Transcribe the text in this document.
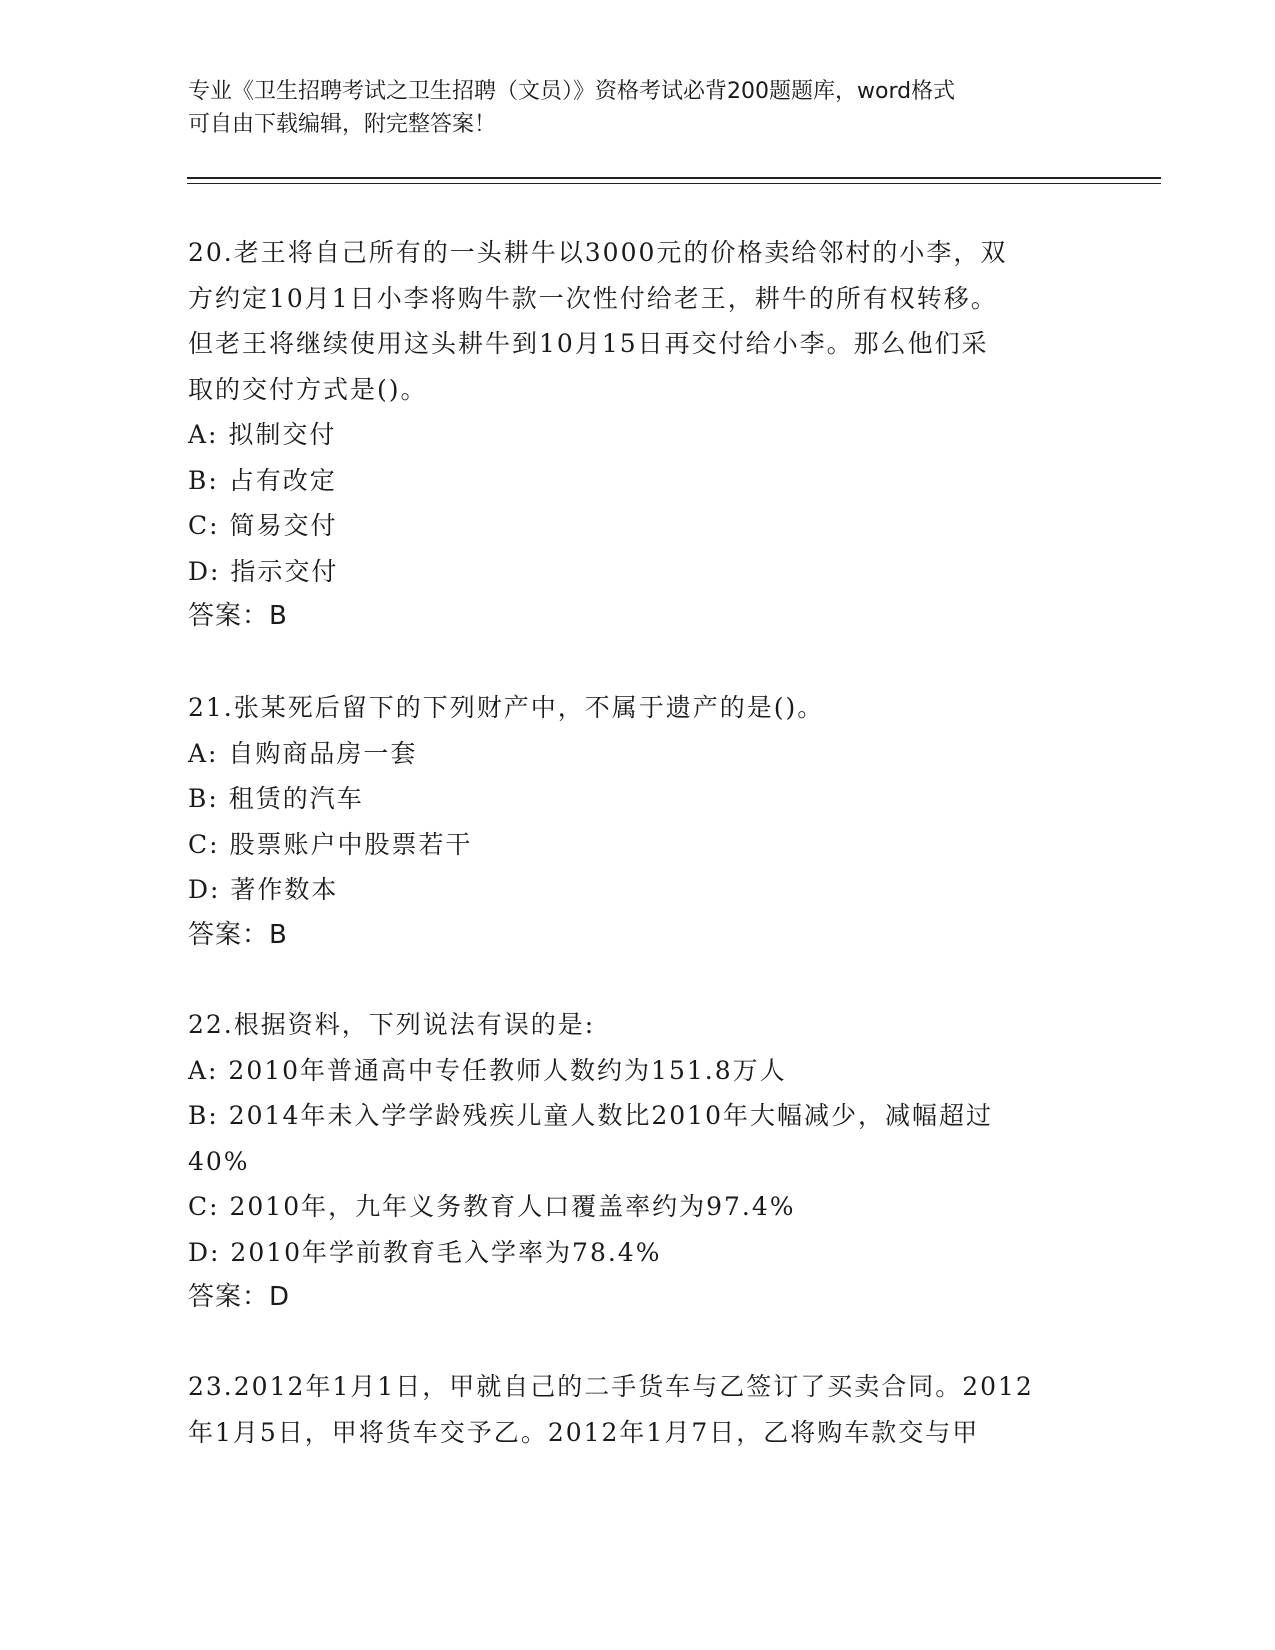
专业《卫生招聘考试之卫生招聘（文员）》资格考试必背200题题库，word格式
可自由下载编辑，附完整答案！
20.老王将自己所有的一头耕牛以3000元的价格卖给邻村的小李，双
方约定10月1日小李将购牛款一次性付给老王，耕牛的所有权转移。
但老王将继续使用这头耕牛到10月15日再交付给小李。那么他们采
取的交付方式是()。
A: 拟制交付
B: 占有改定
C: 简易交付
D: 指示交付
答案：B
21.张某死后留下的下列财产中，不属于遗产的是()。
A: 自购商品房一套
B: 租赁的汽车
C: 股票账户中股票若干
D: 著作数本
答案：B
22.根据资料，下列说法有误的是:
A: 2010年普通高中专任教师人数约为151.8万人
B: 2014年未入学学龄残疾儿童人数比2010年大幅减少，减幅超过
40%
C: 2010年，九年义务教育人口覆盖率约为97.4%
D: 2010年学前教育毛入学率为78.4%
答案：D
23.2012年1月1日，甲就自己的二手货车与乙签订了买卖合同。2012
年1月5日，甲将货车交予乙。2012年1月7日，乙将购车款交与甲
